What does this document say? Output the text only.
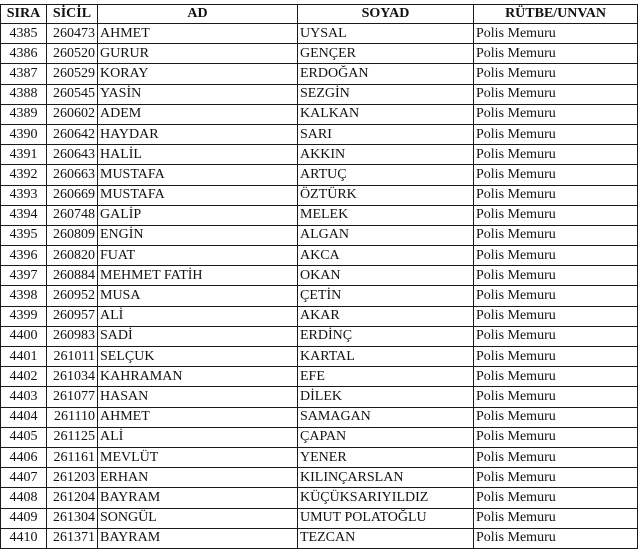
SIRA	SİCİL	AD	SOYAD	RÜTBE/UNVAN
4385	260473	AHMET	UYSAL	Polis Memuru
4386	260520	GURUR	GENÇER	Polis Memuru
4387	260529	KORAY	ERDOĞAN	Polis Memuru
4388	260545	YASİN	SEZGİN	Polis Memuru
4389	260602	ADEM	KALKAN	Polis Memuru
4390	260642	HAYDAR	SARI	Polis Memuru
4391	260643	HALİL	AKKIN	Polis Memuru
4392	260663	MUSTAFA	ARTUÇ	Polis Memuru
4393	260669	MUSTAFA	ÖZTÜRK	Polis Memuru
4394	260748	GALİP	MELEK	Polis Memuru
4395	260809	ENGİN	ALGAN	Polis Memuru
4396	260820	FUAT	AKCA	Polis Memuru
4397	260884	MEHMET FATİH	OKAN	Polis Memuru
4398	260952	MUSA	ÇETİN	Polis Memuru
4399	260957	ALİ	AKAR	Polis Memuru
4400	260983	SADİ	ERDİNÇ	Polis Memuru
4401	261011	SELÇUK	KARTAL	Polis Memuru
4402	261034	KAHRAMAN	EFE	Polis Memuru
4403	261077	HASAN	DİLEK	Polis Memuru
4404	261110	AHMET	SAMAGAN	Polis Memuru
4405	261125	ALİ	ÇAPAN	Polis Memuru
4406	261161	MEVLÜT	YENER	Polis Memuru
4407	261203	ERHAN	KILINÇARSLAN	Polis Memuru
4408	261204	BAYRAM	KÜÇÜKSARIYILDIZ	Polis Memuru
4409	261304	SONGÜL	UMUT POLATOĞLU	Polis Memuru
4410	261371	BAYRAM	TEZCAN	Polis Memuru
